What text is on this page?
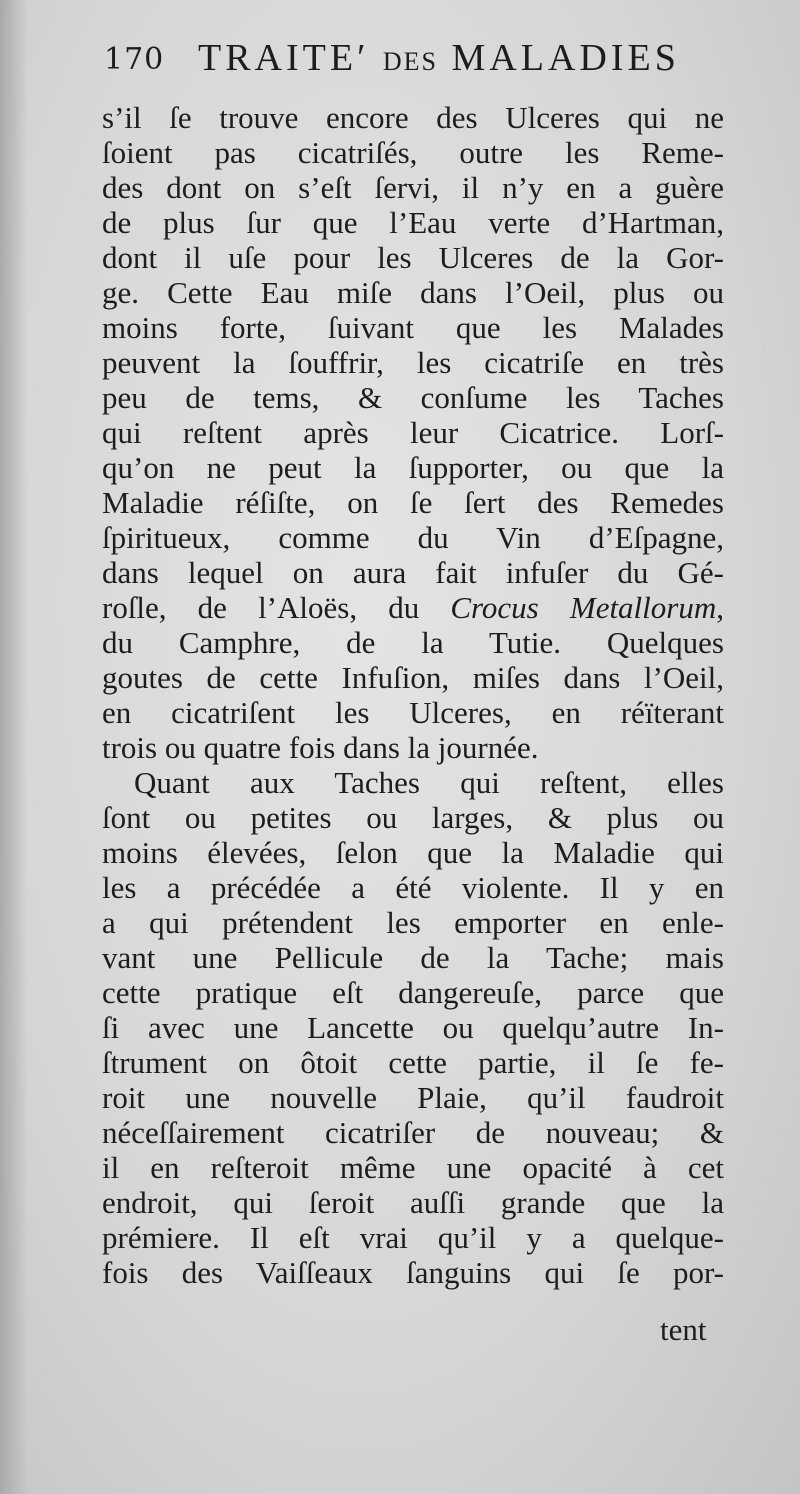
170 TRAITE′ DES MALADIES
s’il ſe trouve encore des Ulceres qui ne
ſoient pas cicatriſés, outre les Reme-
des dont on s’eſt ſervi, il n’y en a guère
de plus ſur que l’Eau verte d’Hartman,
dont il uſe pour les Ulceres de la Gor-
ge. Cette Eau miſe dans l’Oeil, plus ou
moins forte, ſuivant que les Malades
peuvent la ſouffrir, les cicatriſe en très
peu de tems, & conſume les Taches
qui reſtent après leur Cicatrice. Lorſ-
qu’on ne peut la ſupporter, ou que la
Maladie réſiſte, on ſe ſert des Remedes
ſpiritueux, comme du Vin d’Eſpagne,
dans lequel on aura fait infuſer du Gé-
roſle, de l’Aloës, du Crocus Metallorum,
du Camphre, de la Tutie. Quelques
goutes de cette Infuſion, miſes dans l’Oeil,
en cicatriſent les Ulceres, en réïterant
trois ou quatre fois dans la journée.
Quant aux Taches qui reſtent, elles
ſont ou petites ou larges, & plus ou
moins élevées, ſelon que la Maladie qui
les a précédée a été violente. Il y en
a qui prétendent les emporter en enle-
vant une Pellicule de la Tache; mais
cette pratique eſt dangereuſe, parce que
ſi avec une Lancette ou quelqu’autre In-
ſtrument on ôtoit cette partie, il ſe fe-
roit une nouvelle Plaie, qu’il faudroit
néceſſairement cicatriſer de nouveau; &
il en reſteroit même une opacité à cet
endroit, qui ſeroit auſſi grande que la
prémiere. Il eſt vrai qu’il y a quelque-
fois des Vaiſſeaux ſanguins qui ſe por-
tent
